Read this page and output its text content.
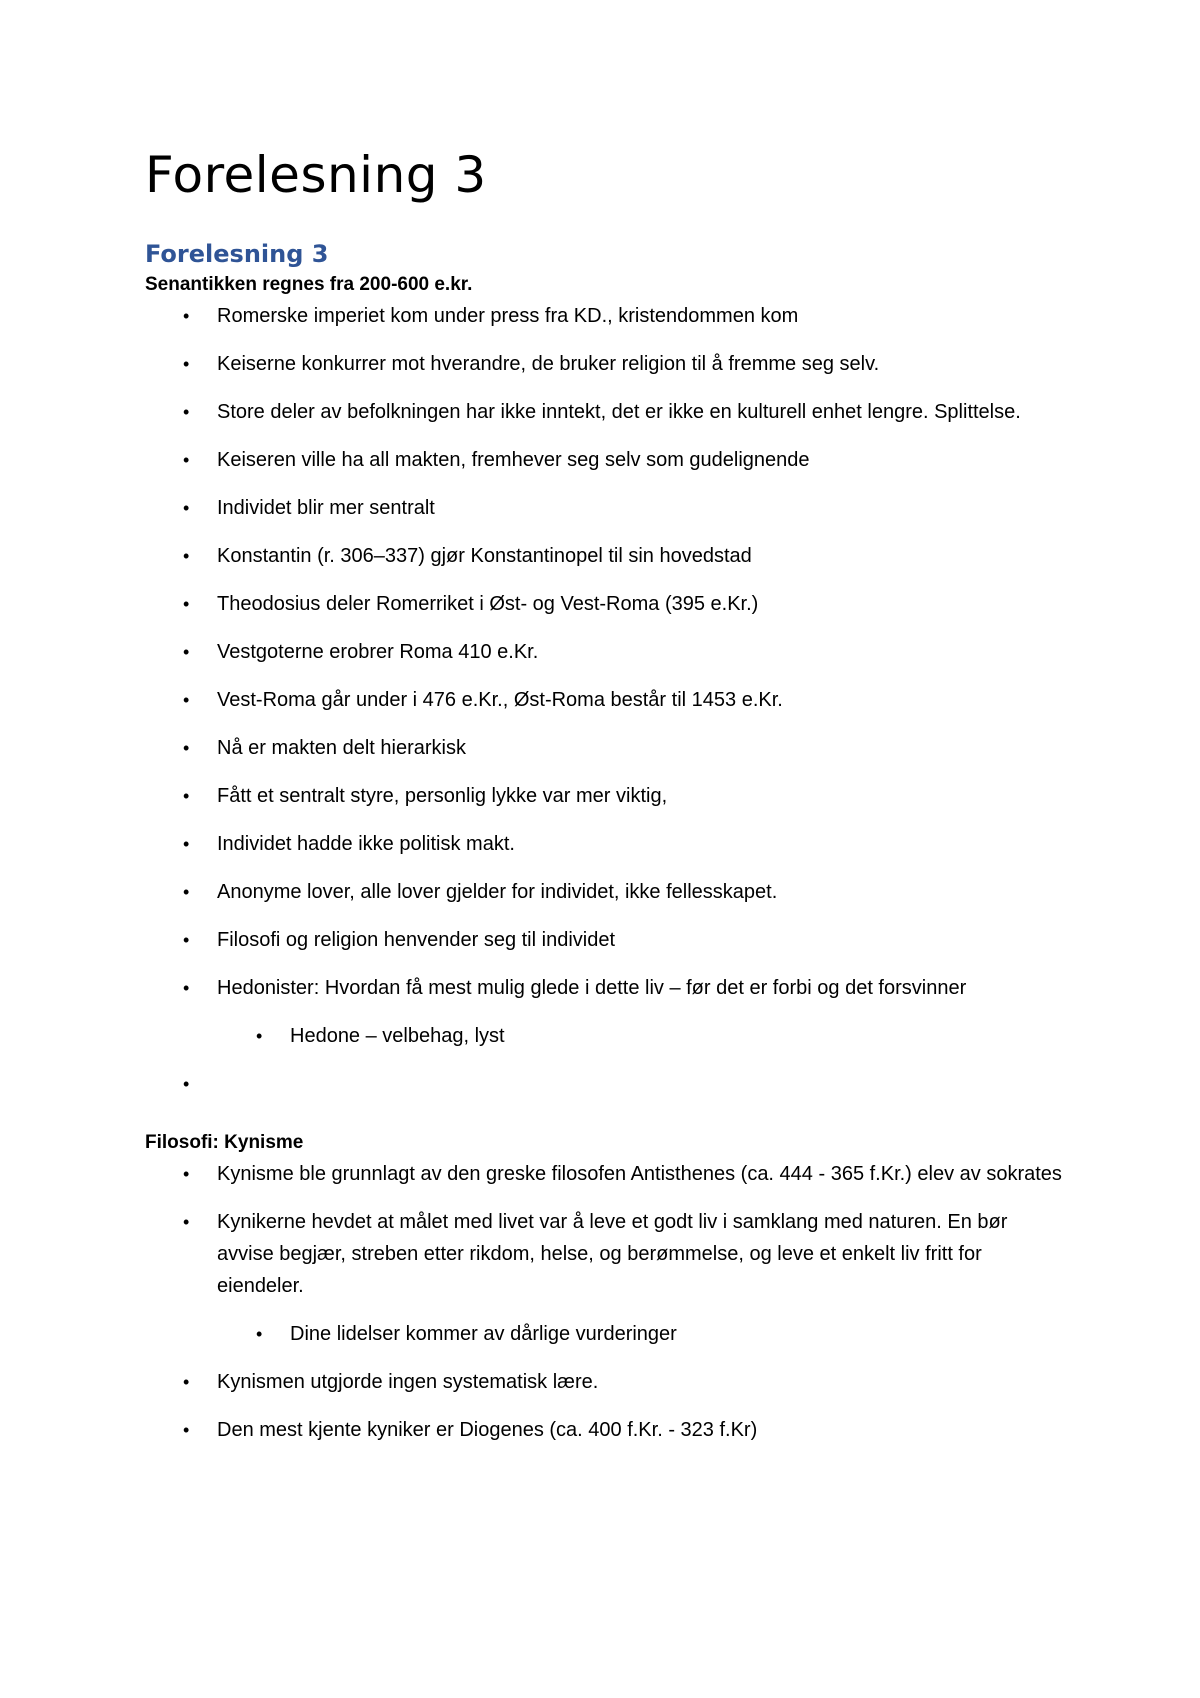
Forelesning 3
Forelesning 3

Senantikken regnes fra 200-600 e.kr.

• Romerske imperiet kom under press fra KD., kristendommen kom
• Keiserne konkurrer mot hverandre, de bruker religion til å fremme seg selv.
• Store deler av befolkningen har ikke inntekt, det er ikke en kulturell enhet lengre. Splittelse.
• Keiseren ville ha all makten, fremhever seg selv som gudelignende
• Individet blir mer sentralt
• Konstantin (r. 306–337) gjør Konstantinopel til sin hovedstad
• Theodosius deler Romerriket i Øst- og Vest-Roma (395 e.Kr.)
• Vestgoterne erobrer Roma 410 e.Kr.
• Vest-Roma går under i 476 e.Kr., Øst-Roma består til 1453 e.Kr.
• Nå er makten delt hierarkisk
• Fått et sentralt styre, personlig lykke var mer viktig,
• Individet hadde ikke politisk makt.
• Anonyme lover, alle lover gjelder for individet, ikke fellesskapet.
• Filosofi og religion henvender seg til individet
• Hedonister: Hvordan få mest mulig glede i dette liv – før det er forbi og det forsvinner
• Hedone – velbehag, lyst
•

Filosofi: Kynisme

• Kynisme ble grunnlagt av den greske filosofen Antisthenes (ca. 444 - 365 f.Kr.) elev av sokrates
• Kynikerne hevdet at målet med livet var å leve et godt liv i samklang med naturen. En bør avvise begjær, streben etter rikdom, helse, og berømmelse, og leve et enkelt liv fritt for eiendeler.
• Dine lidelser kommer av dårlige vurderinger
• Kynismen utgjorde ingen systematisk lære.
• Den mest kjente kyniker er Diogenes (ca. 400 f.Kr. - 323 f.Kr)
